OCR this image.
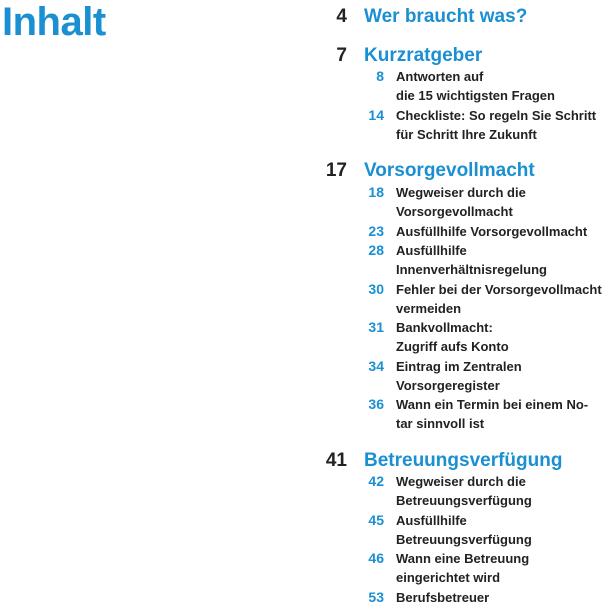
Inhalt	4 Wer braucht was?
7 Kurzratgeber
8 Antworten auf
die 15 wichtigsten Fragen
14 Checkliste: So regeln Sie Schritt
für Schritt Ihre Zukunft
17 Vorsorgevollmacht
18 Wegweiser durch die
Vorsorgevollmacht
23 Ausfüllhilfe Vorsorgevollmacht
28 Ausfüllhilfe
Innenverhältnisregelung
30 Fehler bei der Vorsorgevollmacht
vermeiden
31 Bankvollmacht:
Zugriff aufs Konto
34 Eintrag im Zentralen
Vorsorgeregister
36 Wann ein Termin bei einem No-
tar sinnvoll ist
41 Betreuungsverfügung
42 Wegweiser durch die
Betreuungsverfügung
45 Ausfüllhilfe
Betreuungsverfügung
46 Wann eine Betreuung
eingerichtet wird
53 Berufsbetreuer
